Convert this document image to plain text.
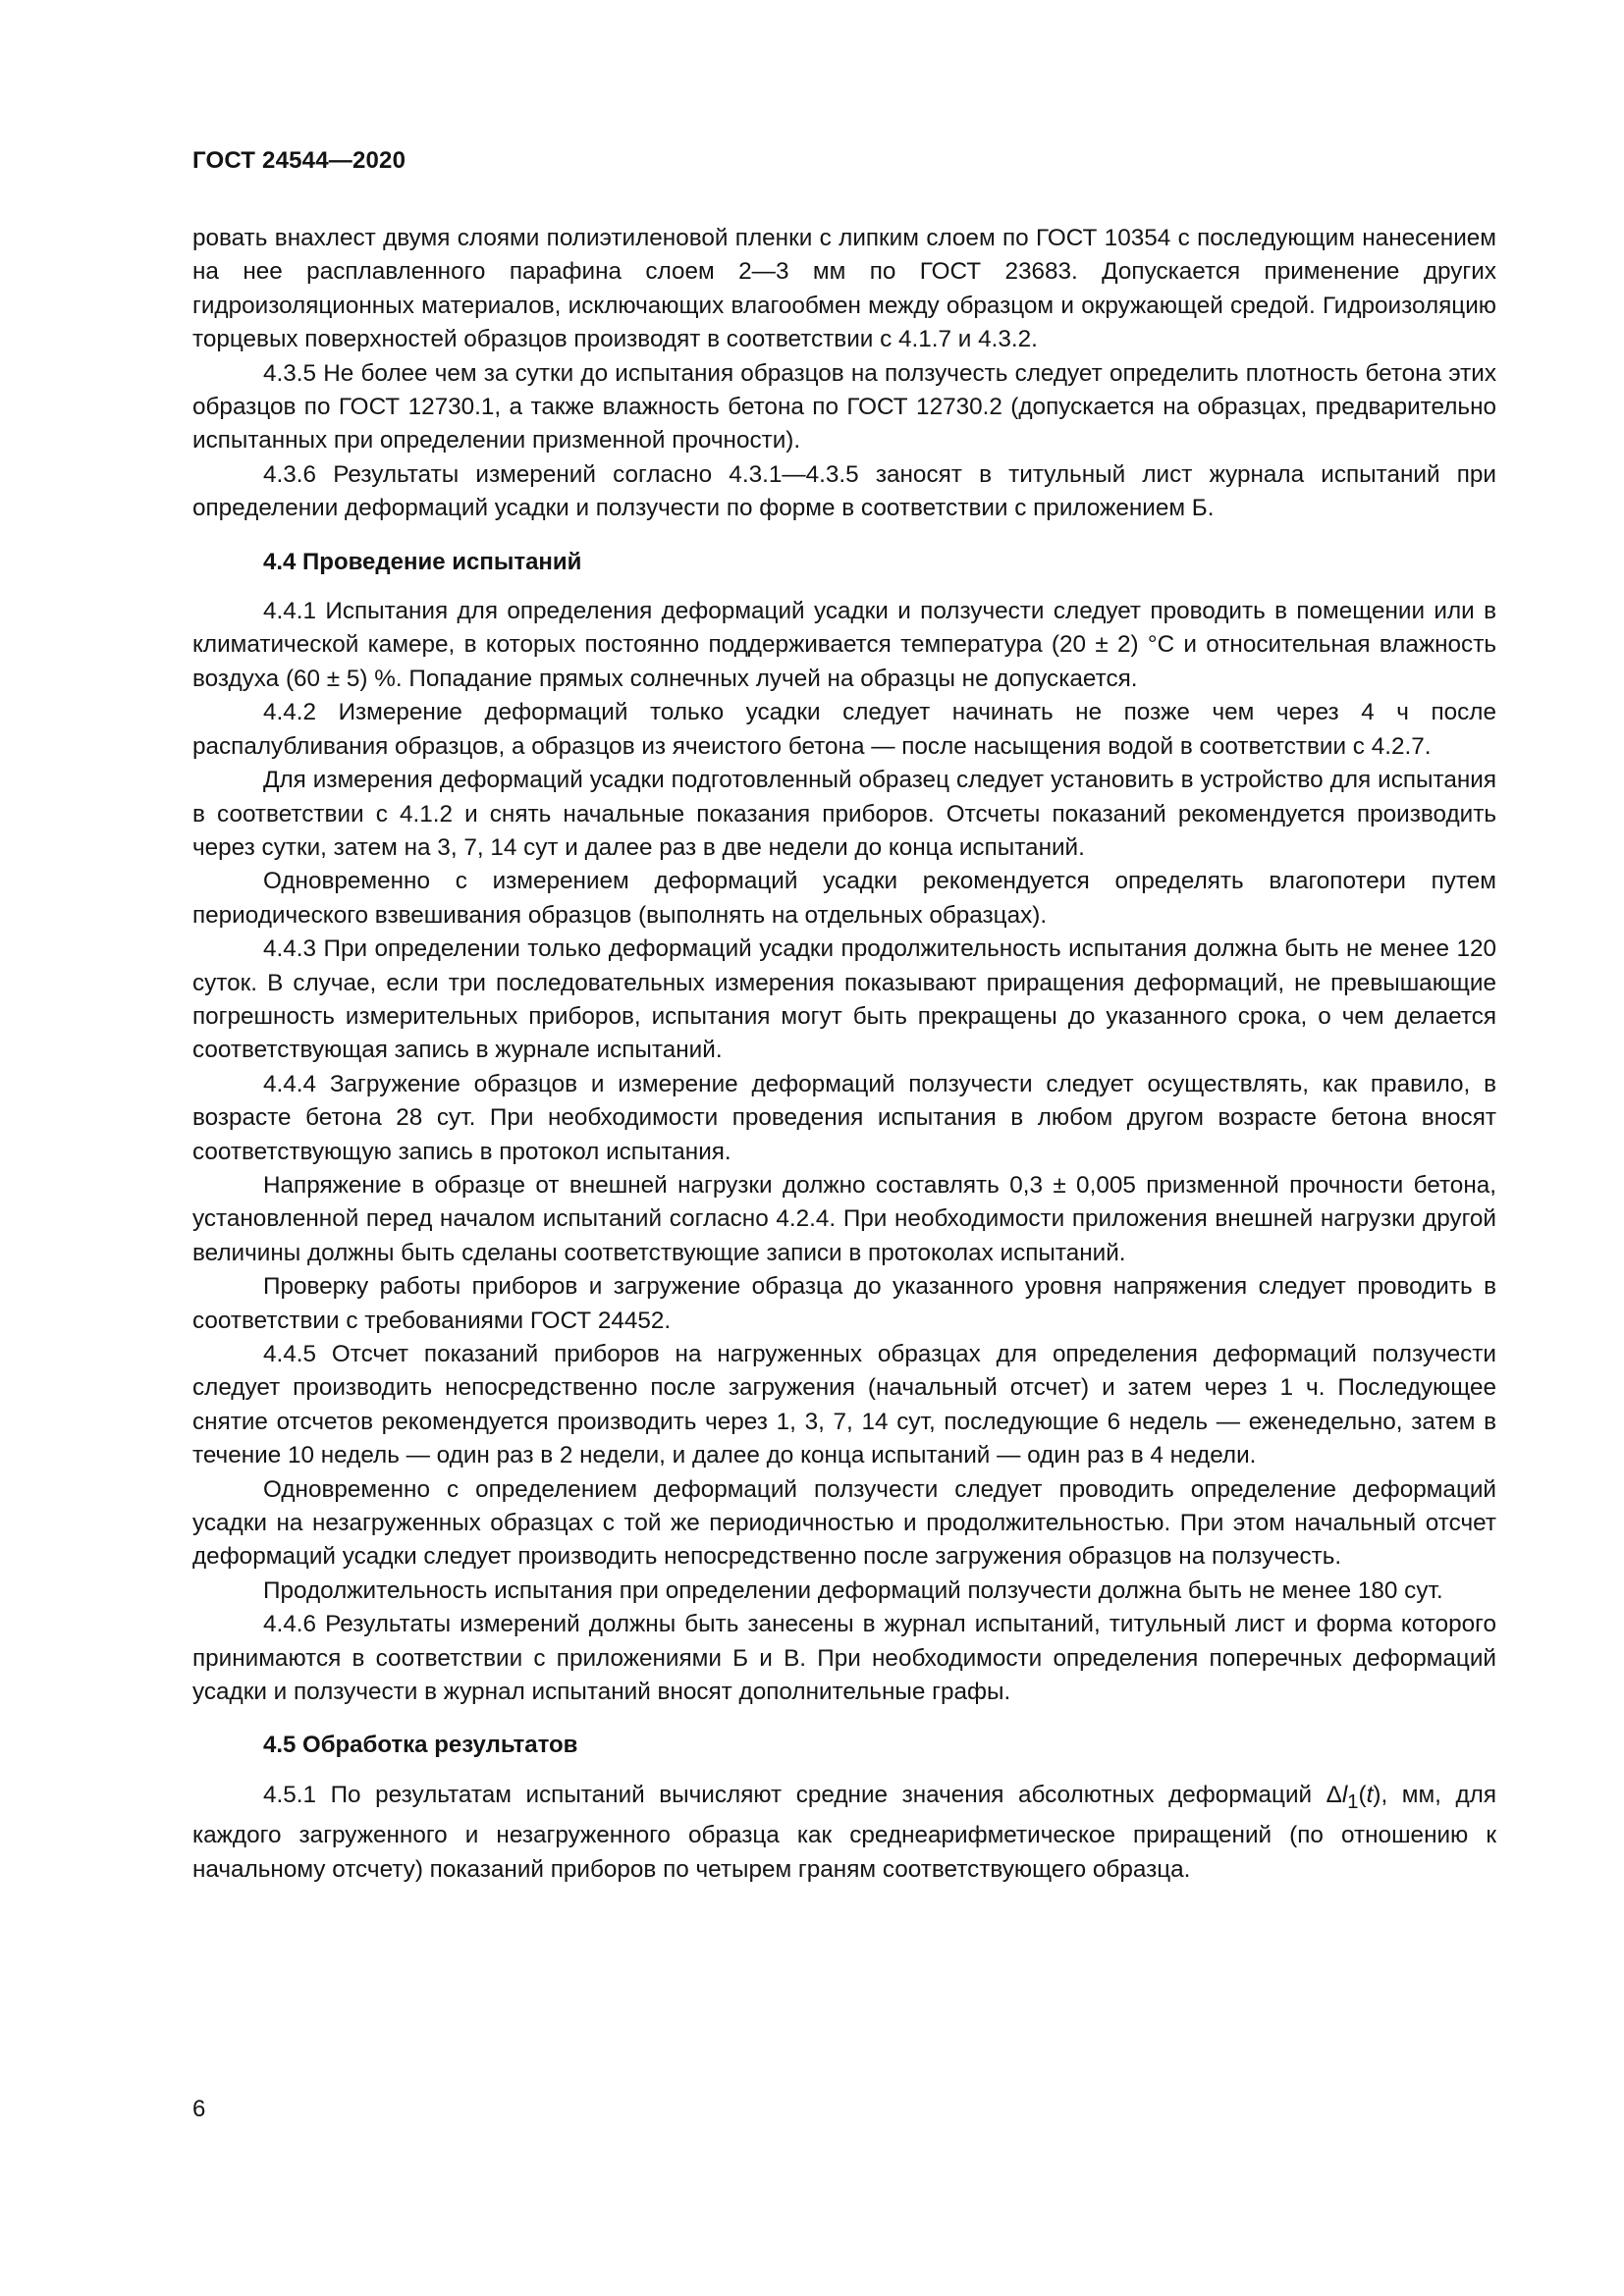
ГОСТ 24544—2020

ровать внахлест двумя слоями полиэтиленовой пленки с липким слоем по ГОСТ 10354 с последующим нанесением на нее расплавленного парафина слоем 2—3 мм по ГОСТ 23683. Допускается применение других гидроизоляционных материалов, исключающих влагообмен между образцом и окружающей средой. Гидроизоляцию торцевых поверхностей образцов производят в соответствии с 4.1.7 и 4.3.2.

4.3.5 Не более чем за сутки до испытания образцов на ползучесть следует определить плотность бетона этих образцов по ГОСТ 12730.1, а также влажность бетона по ГОСТ 12730.2 (допускается на образцах, предварительно испытанных при определении призменной прочности).

4.3.6 Результаты измерений согласно 4.3.1—4.3.5 заносят в титульный лист журнала испытаний при определении деформаций усадки и ползучести по форме в соответствии с приложением Б.

4.4 Проведение испытаний

4.4.1 Испытания для определения деформаций усадки и ползучести следует проводить в помещении или в климатической камере, в которых постоянно поддерживается температура (20 ± 2) °С и относительная влажность воздуха (60 ± 5) %. Попадание прямых солнечных лучей на образцы не допускается.

4.4.2 Измерение деформаций только усадки следует начинать не позже чем через 4 ч после распалубливания образцов, а образцов из ячеистого бетона — после насыщения водой в соответствии с 4.2.7.

Для измерения деформаций усадки подготовленный образец следует установить в устройство для испытания в соответствии с 4.1.2 и снять начальные показания приборов. Отсчеты показаний рекомендуется производить через сутки, затем на 3, 7, 14 сут и далее раз в две недели до конца испытаний.

Одновременно с измерением деформаций усадки рекомендуется определять влагопотери путем периодического взвешивания образцов (выполнять на отдельных образцах).

4.4.3 При определении только деформаций усадки продолжительность испытания должна быть не менее 120 суток. В случае, если три последовательных измерения показывают приращения деформаций, не превышающие погрешность измерительных приборов, испытания могут быть прекращены до указанного срока, о чем делается соответствующая запись в журнале испытаний.

4.4.4 Загружение образцов и измерение деформаций ползучести следует осуществлять, как правило, в возрасте бетона 28 сут. При необходимости проведения испытания в любом другом возрасте бетона вносят соответствующую запись в протокол испытания.

Напряжение в образце от внешней нагрузки должно составлять 0,3 ± 0,005 призменной прочности бетона, установленной перед началом испытаний согласно 4.2.4. При необходимости приложения внешней нагрузки другой величины должны быть сделаны соответствующие записи в протоколах испытаний.

Проверку работы приборов и загружение образца до указанного уровня напряжения следует проводить в соответствии с требованиями ГОСТ 24452.

4.4.5 Отсчет показаний приборов на нагруженных образцах для определения деформаций ползучести следует производить непосредственно после загружения (начальный отсчет) и затем через 1 ч. Последующее снятие отсчетов рекомендуется производить через 1, 3, 7, 14 сут, последующие 6 недель — еженедельно, затем в течение 10 недель — один раз в 2 недели, и далее до конца испытаний — один раз в 4 недели.

Одновременно с определением деформаций ползучести следует проводить определение деформаций усадки на незагруженных образцах с той же периодичностью и продолжительностью. При этом начальный отсчет деформаций усадки следует производить непосредственно после загружения образцов на ползучесть.

Продолжительность испытания при определении деформаций ползучести должна быть не менее 180 сут.

4.4.6 Результаты измерений должны быть занесены в журнал испытаний, титульный лист и форма которого принимаются в соответствии с приложениями Б и В. При необходимости определения поперечных деформаций усадки и ползучести в журнал испытаний вносят дополнительные графы.

4.5 Обработка результатов

4.5.1 По результатам испытаний вычисляют средние значения абсолютных деформаций $\Delta l_1(t)$, мм, для каждого загруженного и незагруженного образца как среднеарифметическое приращений (по отношению к начальному отсчету) показаний приборов по четырем граням соответствующего образца.

6
